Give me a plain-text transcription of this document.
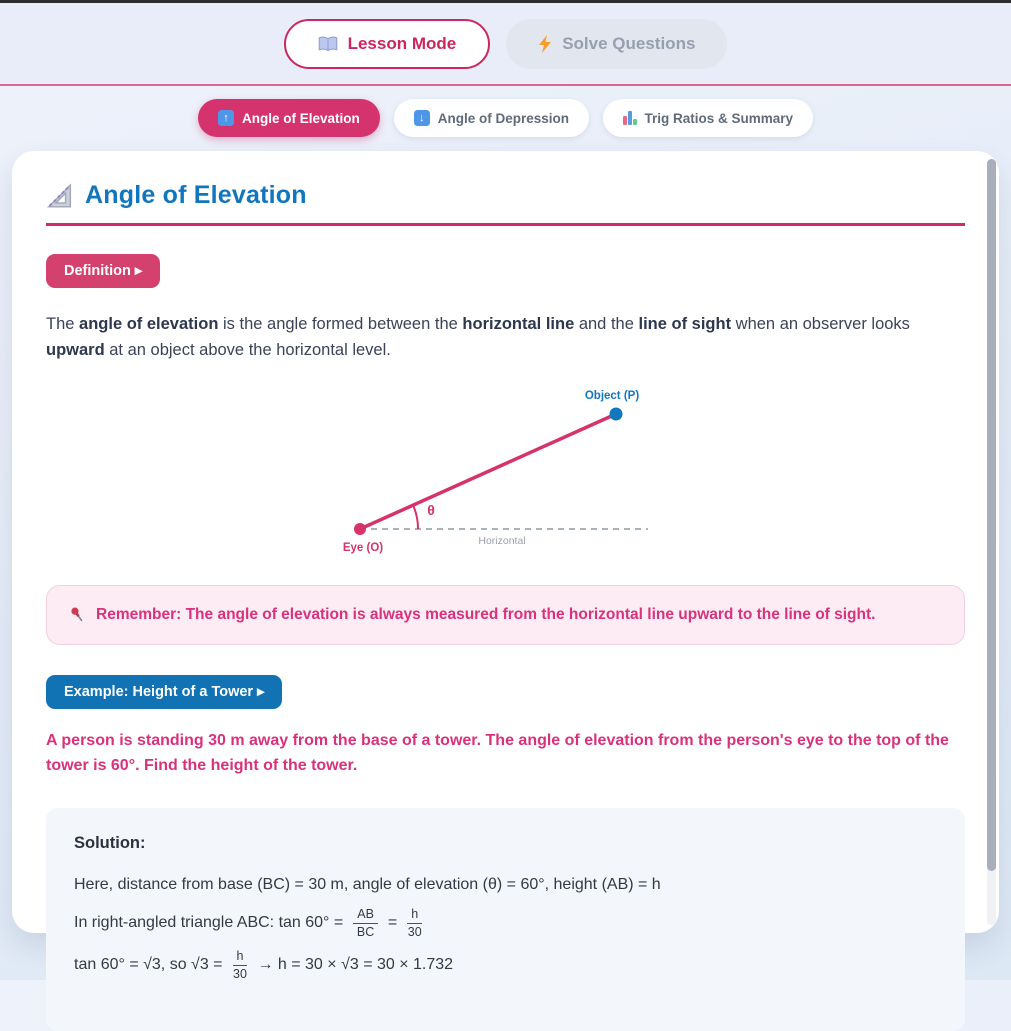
Lesson Mode	Solve Questions
↑ Angle of Elevation	↓ Angle of Depression	Trig Ratios & Summary
Angle of Elevation
Definition ▸

The angle of elevation is the angle formed between the horizontal line and the line of sight when an observer looks upward at an object above the horizontal level.

Object (P)
Eye (O)
Horizontal
θ
Remember: The angle of elevation is always measured from the horizontal line upward to the line of sight.
Example: Height of a Tower ▸

A person is standing 30 m away from the base of a tower. The angle of elevation from the person's eye to the top of the tower is 60°. Find the height of the tower.

Solution:

Here, distance from base (BC) = 30 m, angle of elevation (θ) = 60°, height (AB) = h

In right-angled triangle ABC: $\tan 60^\circ = \frac{AB}{BC} = \frac{h}{30}$

tan 60° = √3, so $√3 = \frac{h}{30} \to h = 30 \times √3 = 30 \times 1.732$
